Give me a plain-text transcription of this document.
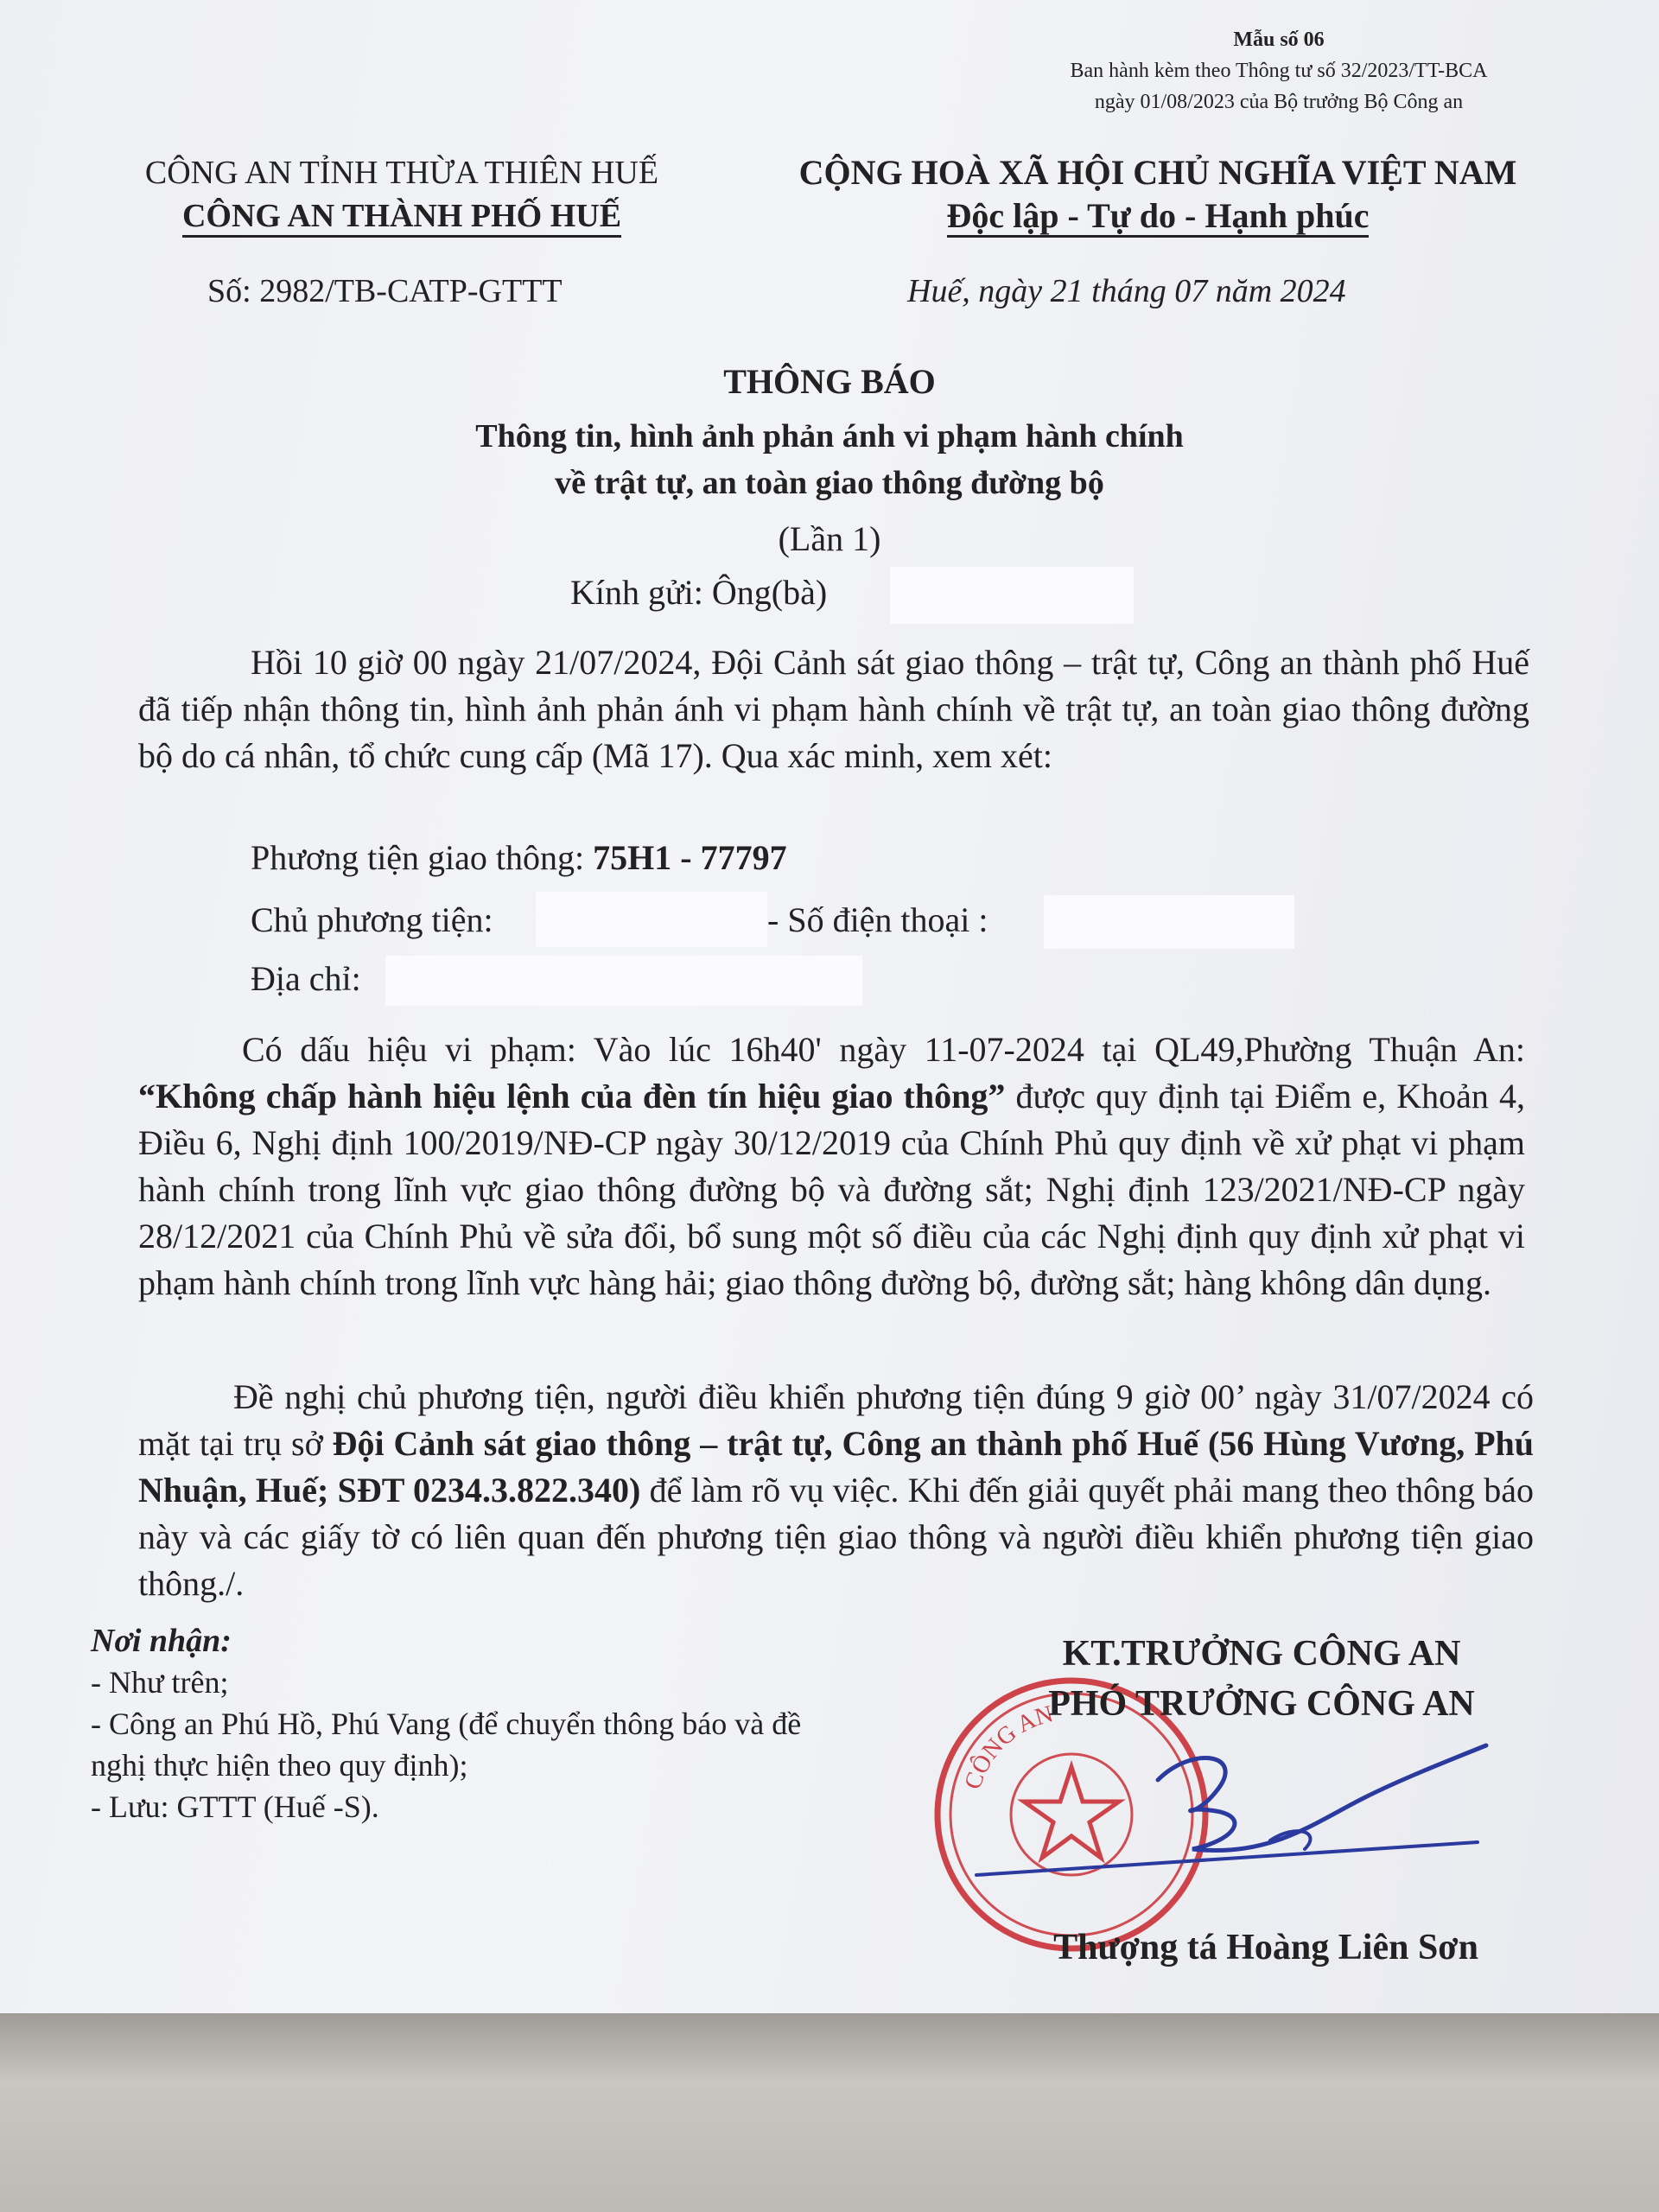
Mẫu số 06
Ban hành kèm theo Thông tư số 32/2023/TT-BCA
ngày 01/08/2023 của Bộ trưởng Bộ Công an
CÔNG AN TỈNH THỪA THIÊN HUẾ
CÔNG AN THÀNH PHỐ HUẾ
CỘNG HOÀ XÃ HỘI CHỦ NGHĨA VIỆT NAM
Độc lập - Tự do - Hạnh phúc
Số: 2982/TB-CATP-GTTT	Huế, ngày 21 tháng 07 năm 2024
THÔNG BÁO
Thông tin, hình ảnh phản ánh vi phạm hành chính
về trật tự, an toàn giao thông đường bộ
(Lần 1)
Kính gửi: Ông(bà)
Hồi 10 giờ 00 ngày 21/07/2024, Đội Cảnh sát giao thông – trật tự, Công an thành phố Huế đã tiếp nhận thông tin, hình ảnh phản ánh vi phạm hành chính về trật tự, an toàn giao thông đường bộ do cá nhân, tổ chức cung cấp (Mã 17). Qua xác minh, xem xét:
Phương tiện giao thông: 75H1 - 77797
Chủ phương tiện:	- Số điện thoại :
Địa chỉ:
Có dấu hiệu vi phạm: Vào lúc 16h40' ngày 11-07-2024 tại QL49,Phường Thuận An: “Không chấp hành hiệu lệnh của đèn tín hiệu giao thông” được quy định tại Điểm e, Khoản 4, Điều 6, Nghị định 100/2019/NĐ-CP ngày 30/12/2019 của Chính Phủ quy định về xử phạt vi phạm hành chính trong lĩnh vực giao thông đường bộ và đường sắt; Nghị định 123/2021/NĐ-CP ngày 28/12/2021 của Chính Phủ về sửa đổi, bổ sung một số điều của các Nghị định quy định xử phạt vi phạm hành chính trong lĩnh vực hàng hải; giao thông đường bộ, đường sắt; hàng không dân dụng.
Đề nghị chủ phương tiện, người điều khiển phương tiện đúng 9 giờ 00’ ngày 31/07/2024 có mặt tại trụ sở Đội Cảnh sát giao thông – trật tự, Công an thành phố Huế (56 Hùng Vương, Phú Nhuận, Huế; SĐT 0234.3.822.340) để làm rõ vụ việc. Khi đến giải quyết phải mang theo thông báo này và các giấy tờ có liên quan đến phương tiện giao thông và người điều khiển phương tiện giao thông./.
Nơi nhận:
- Như trên;
- Công an Phú Hồ, Phú Vang (để chuyển thông báo và đề nghị thực hiện theo quy định);
- Lưu: GTTT (Huế -S).
CÔNG AN
KT.TRƯỞNG CÔNG AN
PHÓ TRƯỞNG CÔNG AN
Thượng tá Hoàng Liên Sơn
